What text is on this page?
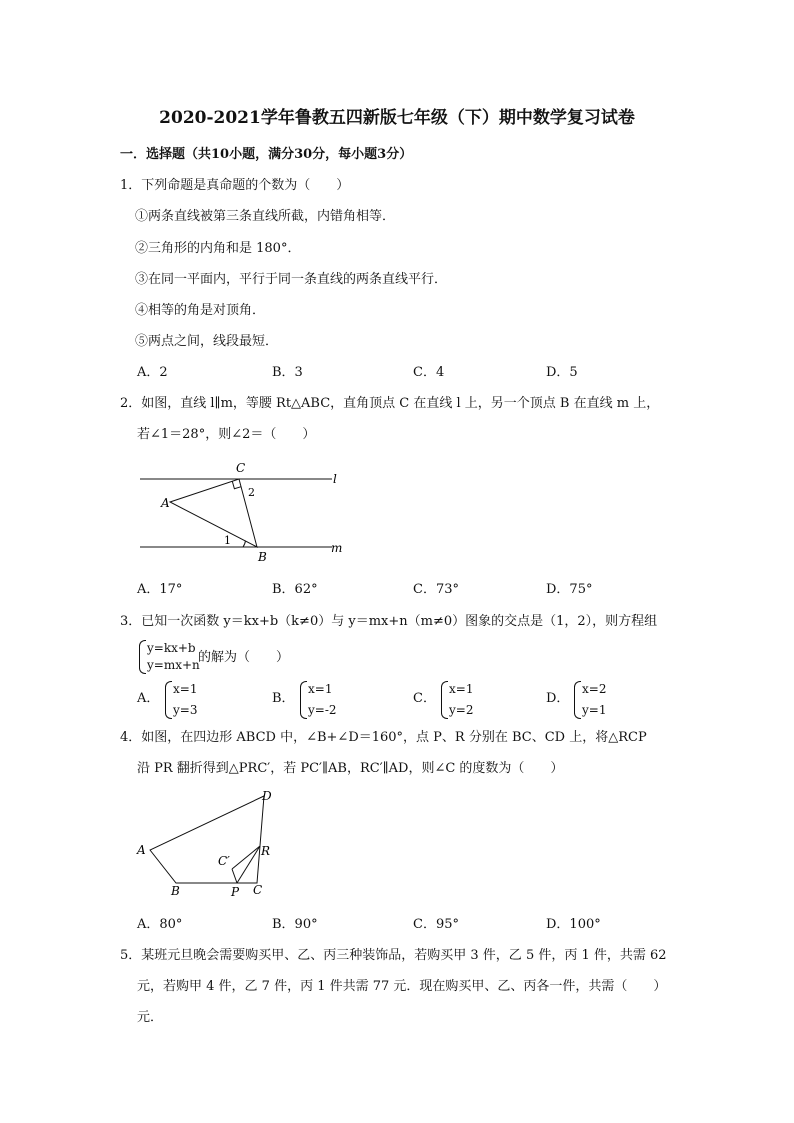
2020-2021学年鲁教五四新版七年级（下）期中数学复习试卷
一．选择题（共10小题，满分30分，每小题3分）
1．下列命题是真命题的个数为（　　）
①两条直线被第三条直线所截，内错角相等．
②三角形的内角和是 180°．
③在同一平面内，平行于同一条直线的两条直线平行．
④相等的角是对顶角．
⑤两点之间，线段最短．
A．2	B．3	C．4	D．5
2．如图，直线 l∥m，等腰 Rt△ABC，直角顶点 C 在直线 l 上，另一个顶点 B 在直线 m 上，
若∠1＝28°，则∠2＝（　　）
C
A
B
l
m
1
2
A．17°	B．62°	C．73°	D．75°
3．已知一次函数 y＝kx+b（k≠0）与 y＝mx+n（m≠0）图象的交点是（1，2），则方程组
y=kx+b
y=mx+n
的解为（　　）
A．
x=1
y=3
B．
x=1
y=-2
C．
x=1
y=2
D．
x=2
y=1
4．如图，在四边形 ABCD 中，∠B+∠D＝160°，点 P、R 分别在 BC、CD 上，将△RCP
沿 PR 翻折得到△PRC′，若 PC′∥AB，RC′∥AD，则∠C 的度数为（　　）
A
B	C
D
P
R
C′
A．80°	B．90°	C．95°	D．100°
5．某班元旦晚会需要购买甲、乙、丙三种装饰品，若购买甲 3 件，乙 5 件，丙 1 件，共需 62
元，若购甲 4 件，乙 7 件，丙 1 件共需 77 元．现在购买甲、乙、丙各一件，共需（　　）
元．
